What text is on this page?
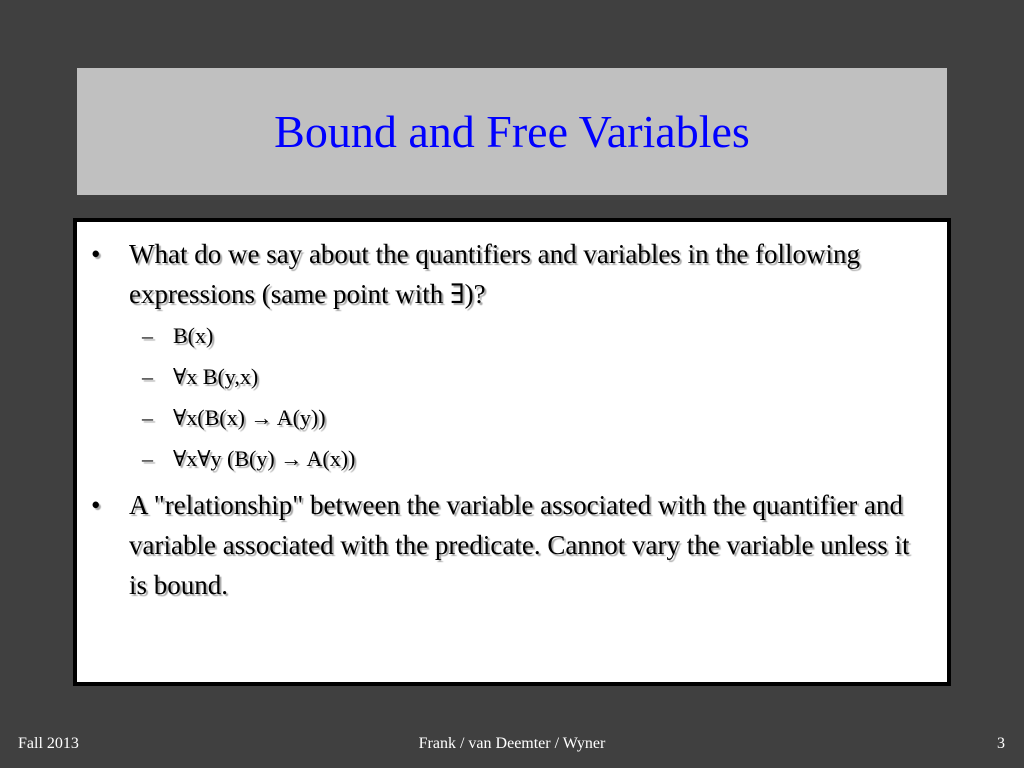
Bound and Free Variables
•	What do we say about the quantifiers and variables in the following expressions (same point with ∃)?
– B(x)
– ∀x B(y,x)
– ∀x(B(x) → A(y))
– ∀x∀y (B(y) → A(x))
•	A "relationship" between the variable associated with the quantifier and variable associated with the predicate. Cannot vary the variable unless it is bound.
Fall 2013	Frank / van Deemter / Wyner	3
